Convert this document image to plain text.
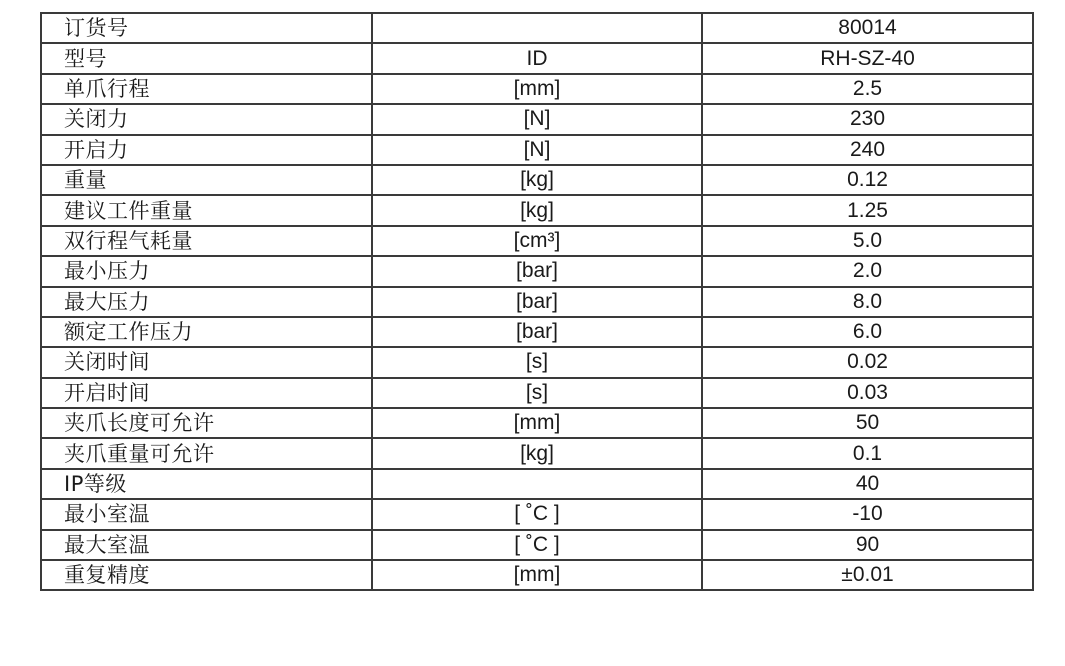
订货号		80014
型号	ID	RH-SZ-40
单爪行程	[mm]	2.5
关闭力	[N]	230
开启力	[N]	240
重量	[kg]	0.12
建议工件重量	[kg]	1.25
双行程气耗量	[cm³]	5.0
最小压力	[bar]	2.0
最大压力	[bar]	8.0
额定工作压力	[bar]	6.0
关闭时间	[s]	0.02
开启时间	[s]	0.03
夹爪长度可允许	[mm]	50
夹爪重量可允许	[kg]	0.1
IP等级		40
最小室温	[ ˚C ]	-10
最大室温	[ ˚C ]	90
重复精度	[mm]	±0.01
